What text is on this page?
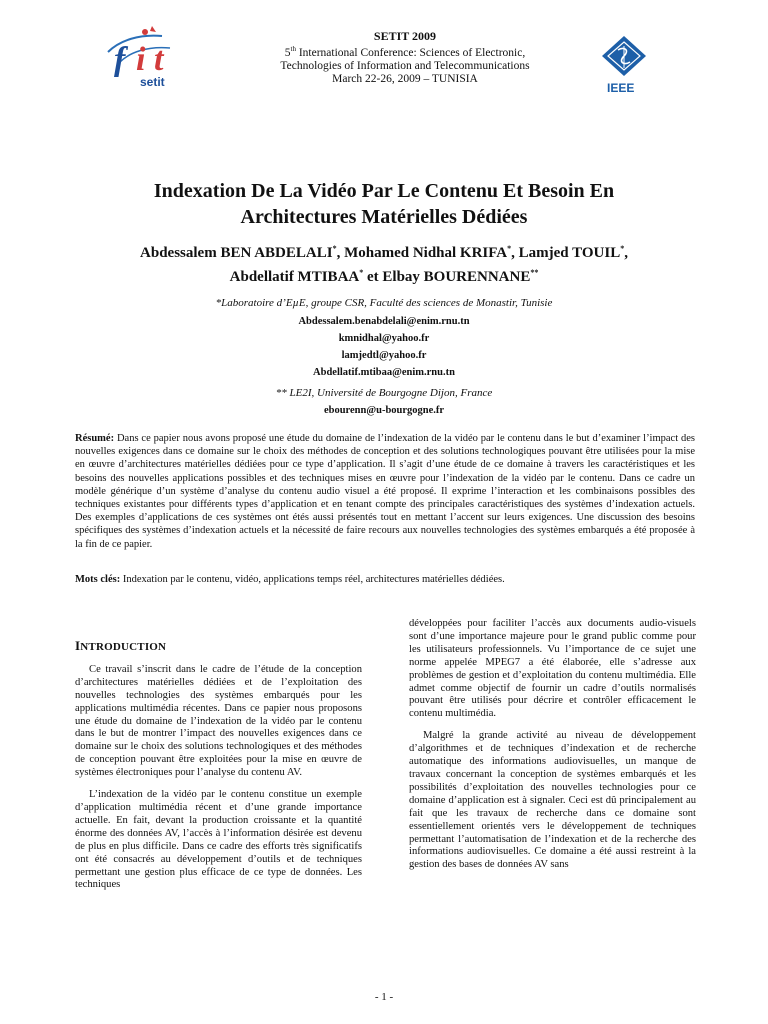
f i t
setit	IEEE
SETIT 2009
5th International Conference: Sciences of Electronic,
Technologies of Information and Telecommunications
March 22-26, 2009 – TUNISIA
Indexation De La Vidéo Par Le Contenu Et Besoin En
Architectures Matérielles Dédiées
Abdessalem BEN ABDELALI*, Mohamed Nidhal KRIFA*, Lamjed TOUIL*,
Abdellatif MTIBAA* et Elbay BOURENNANE**
*Laboratoire d’EµE, groupe CSR, Faculté des sciences de Monastir, Tunisie
Abdessalem.benabdelali@enim.rnu.tn
kmnidhal@yahoo.fr
lamjedtl@yahoo.fr
Abdellatif.mtibaa@enim.rnu.tn
** LE2I, Université de Bourgogne Dijon, France
ebourenn@u-bourgogne.fr
Résumé: Dans ce papier nous avons proposé une étude du domaine de l’indexation de la vidéo par le contenu dans le but d’examiner l’impact des nouvelles exigences dans ce domaine sur le choix des méthodes de conception et des solutions technologiques pouvant être utilisées pour la mise en œuvre d’architectures matérielles dédiées pour ce type d’application. Il s’agit d’une étude de ce domaine à travers les caractéristiques et les besoins des nouvelles applications possibles et des techniques mises en œuvre pour l’indexation de la vidéo par le contenu. Dans ce cadre un modèle générique d’un système d’analyse du contenu audio visuel a été proposé. Il exprime l’interaction et les combinaisons possibles des techniques existantes pour différents types d’application et en tenant compte des principales caractéristiques des systèmes d’indexation actuels. Des exemples d’applications de ces systèmes ont étés aussi présentés tout en mettant l’accent sur leurs exigences. Une discussion des besoins spécifiques des systèmes d’indexation actuels et la nécessité de faire recours aux nouvelles technologies des systèmes embarqués a été proposée à la fin de ce papier.
Mots clés: Indexation par le contenu, vidéo, applications temps réel, architectures matérielles dédiées.
INTRODUCTION

Ce travail s’inscrit dans le cadre de l’étude de la conception d’architectures matérielles dédiées et de l’exploitation des nouvelles technologies des systèmes embarqués pour les applications multimédia récentes. Dans ce papier nous proposons une étude du domaine de l’indexation de la vidéo par le contenu dans le but de montrer l’impact des nouvelles exigences dans ce domaine sur le choix des solutions technologiques et des méthodes de conception pouvant être exploitées pour la mise en œuvre de systèmes électroniques pour l’analyse du contenu AV.

L’indexation de la vidéo par le contenu constitue un exemple d’application multimédia récent et d’une grande importance actuelle. En fait, devant la production croissante et la quantité énorme des données AV, l’accès à l’information désirée est devenu de plus en plus difficile. Dans ce cadre des efforts très significatifs ont été consacrés au développement d’outils et de techniques permettant une gestion plus efficace de ce type de données. Les techniques

développées pour faciliter l’accès aux documents audio-visuels sont d’une importance majeure pour le grand public comme pour les utilisateurs professionnels. Vu l’importance de ce sujet une norme appelée MPEG7 a été élaborée, elle s’adresse aux problèmes de gestion et d’exploitation du contenu multimédia. Elle admet comme objectif de fournir un cadre d’outils normalisés pouvant être utilisés pour décrire et contrôler efficacement le contenu multimédia.

Malgré la grande activité au niveau de développement d’algorithmes et de techniques d’indexation et de recherche automatique des informations audiovisuelles, un manque de travaux concernant la conception de systèmes embarqués et les possibilités d’exploitation des nouvelles technologies pour ce domaine d’application est à signaler. Ceci est dû principalement au fait que les travaux de recherche dans ce domaine sont essentiellement orientés vers le développement de techniques permettant l’automatisation de l’indexation et de la recherche des informations audiovisuelles. Ce domaine a été aussi restreint à la gestion des bases de données AV sans

- 1 -
